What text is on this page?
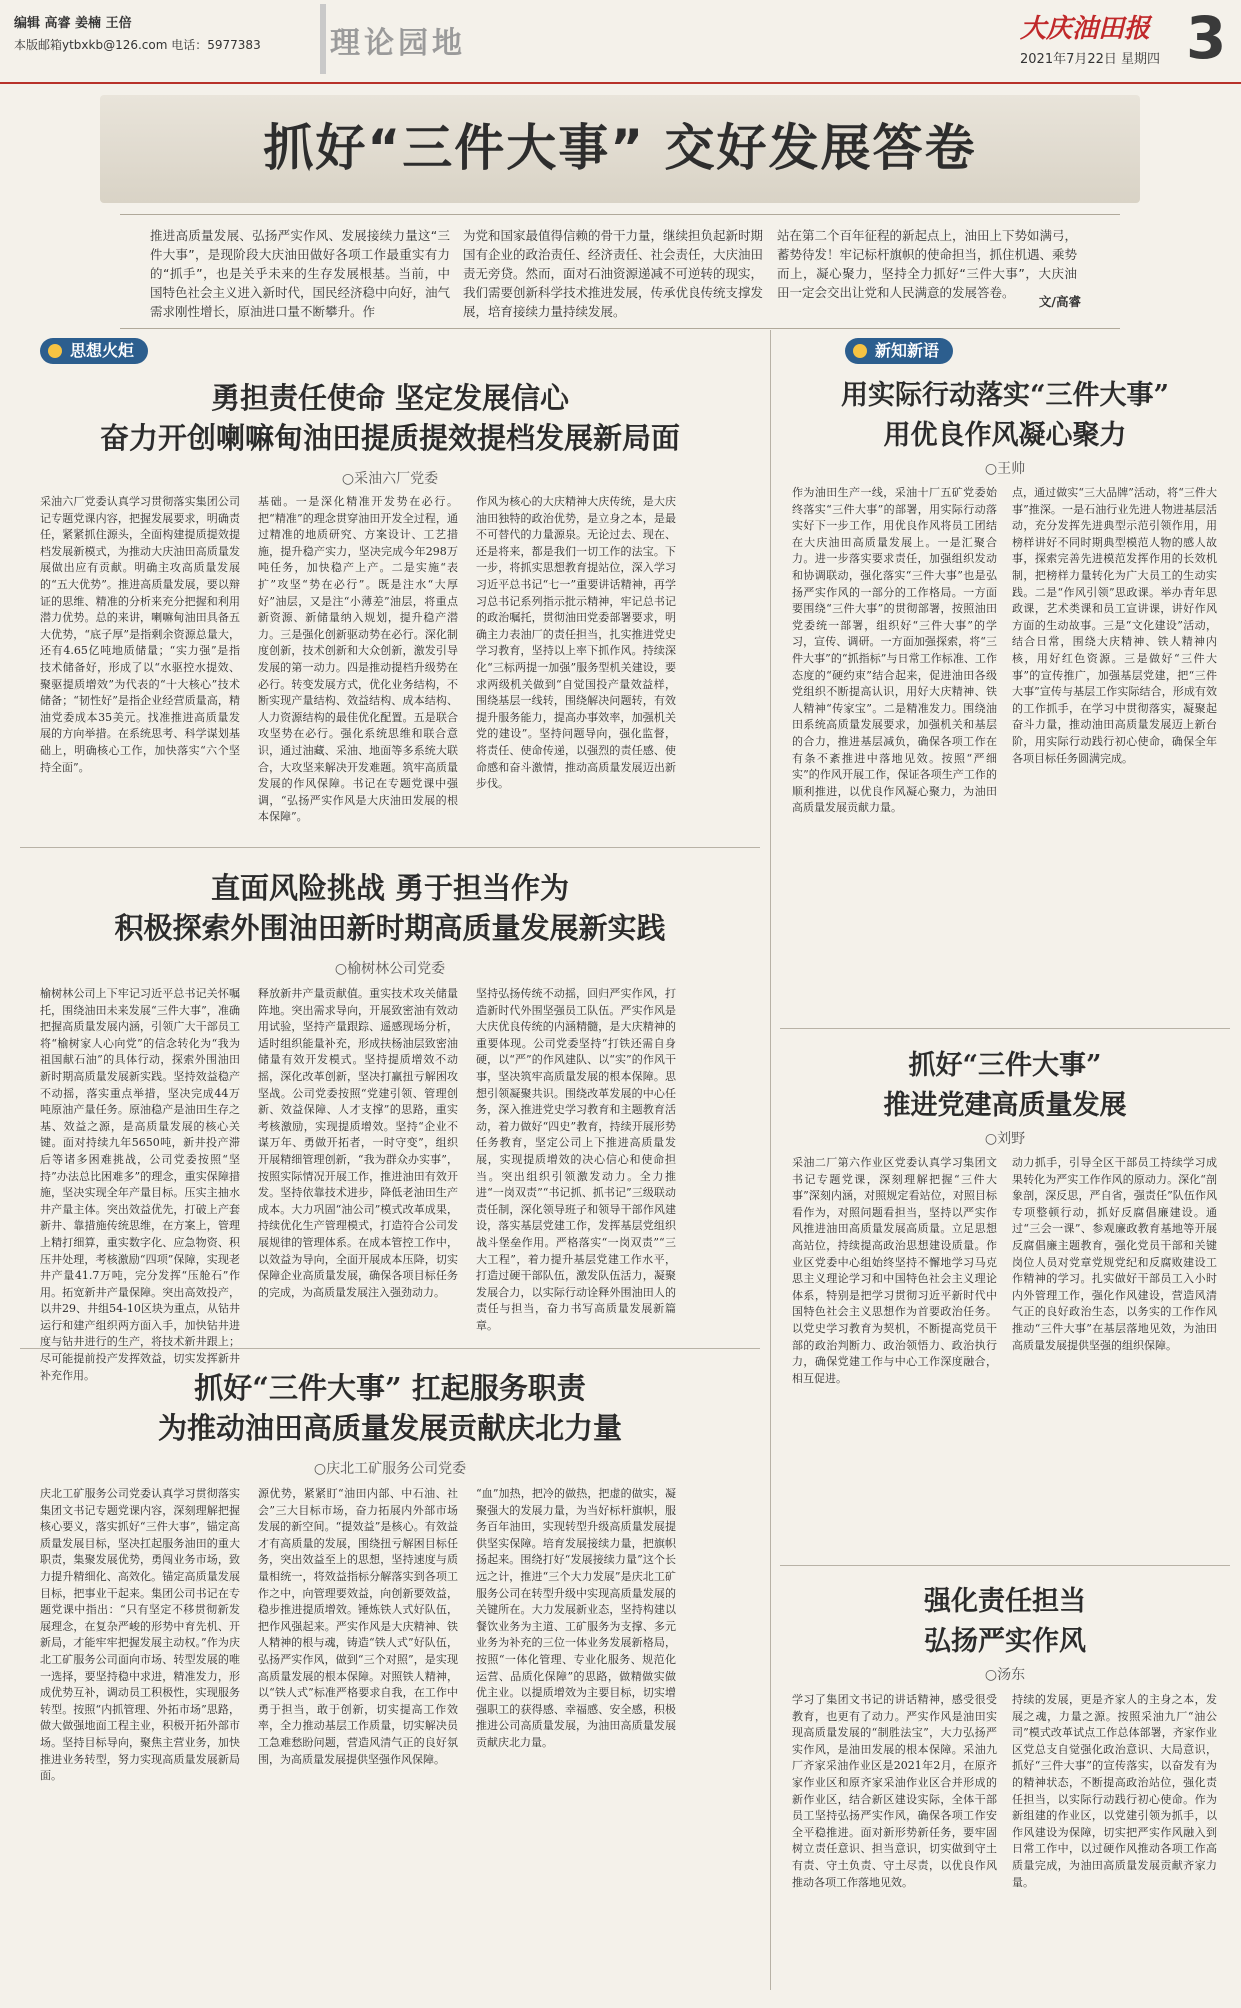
编辑 高睿 姜楠 王倍
本版邮箱ytbxkb@126.com 电话：5977383 理论园地	大庆油田报
2021年7月22日 星期四 3
抓好“三件大事” 交好发展答卷
推进高质量发展、弘扬严实作风、发展接续力量这“三件大事”，是现阶段大庆油田做好各项工作最重实有力的“抓手”，也是关乎未来的生存发展根基。当前，中国特色社会主义进入新时代，国民经济稳中向好，油气需求刚性增长，原油进口量不断攀升。作
为党和国家最值得信赖的骨干力量，继续担负起新时期国有企业的政治责任、经济责任、社会责任，大庆油田责无旁贷。然而，面对石油资源递减不可逆转的现实，我们需要创新科学技术推进发展，传承优良传统支撑发展，培育接续力量持续发展。
站在第二个百年征程的新起点上，油田上下势如满弓，蓄势待发！牢记标杆旗帜的使命担当，抓住机遇、乘势而上，凝心聚力，坚持全力抓好“三件大事”，大庆油田一定会交出让党和人民满意的发展答卷。
文/高睿
思想火炬	新知新语
勇担责任使命 坚定发展信心
奋力开创喇嘛甸油田提质提效提档发展新局面
○采油六厂党委
采油六厂党委认真学习贯彻落实集团公司记专题党课内容，把握发展要求，明确责任，紧紧抓住源头，全面构建提质提效提档发展新模式，为推动大庆油田高质量发展做出应有贡献。明确主攻高质量发展的“五大优势”。推进高质量发展，要以辩证的思维、精准的分析来充分把握和利用潜力优势。总的来讲，喇嘛甸油田具备五大优势，“底子厚”是指剩余资源总量大，还有4.65亿吨地质储量；“实力强”是指技术储备好，形成了以“水驱控水提效、聚驱提质增效”为代表的“十大核心”技术储备；“韧性好”是指企业经营质量高，精油党委成本35美元。找准推进高质量发展的方向举措。在系统思考、科学谋划基础上，明确核心工作，加快落实“六个坚持全面”。
基础。一是深化精准开发势在必行。把“精准”的理念贯穿油田开发全过程，通过精准的地质研究、方案设计、工艺措施，提升稳产实力，坚决完成今年298万吨任务，加快稳产上产。二是实施“表扩”攻坚“势在必行”。既是注水“大厚好”油层，又是注“小薄差”油层，将重点新资源、新储量纳入规划，提升稳产潜力。三是强化创新驱动势在必行。深化制度创新，技术创新和大众创新，激发引导发展的第一动力。四是推动提档升级势在必行。转变发展方式，优化业务结构，不断实现产量结构、效益结构、成本结构、人力资源结构的最佳优化配置。五是联合攻坚势在必行。强化系统思维和联合意识，通过油藏、采油、地面等多系统大联合，大攻坚来解决开发难题。筑牢高质量发展的作风保障。书记在专题党课中强调，“弘扬严实作风是大庆油田发展的根本保障”。
作风为核心的大庆精神大庆传统，是大庆油田独特的政治优势，是立身之本，是最不可替代的力量源泉。无论过去、现在、还是将来，都是我们一切工作的法宝。下一步，将抓实思想教育提站位，深入学习习近平总书记“七一”重要讲话精神，再学习总书记系列指示批示精神，牢记总书记的政治嘱托，贯彻油田党委部署要求，明确主力表油厂的责任担当，扎实推进党史学习教育，坚持以上率下抓作风。持续深化“三标两提一加强”服务型机关建设，要求两级机关做到“自觉国投产量效益样，围绕基层一线转，围绕解决问题转，有效提升服务能力，提高办事效率，加强机关党的建设”。坚持问题导向，强化监督，将责任、使命传递，以强烈的责任感、使命感和奋斗激情，推动高质量发展迈出新步伐。
直面风险挑战 勇于担当作为
积极探索外围油田新时期高质量发展新实践
○榆树林公司党委
榆树林公司上下牢记习近平总书记关怀嘱托，围绕油田未来发展“三件大事”，准确把握高质量发展内涵，引领广大干部员工将“榆树家人心向党”的信念转化为“我为祖国献石油”的具体行动，探索外围油田新时期高质量发展新实践。坚持效益稳产不动摇，落实重点举措，坚决完成44万吨原油产量任务。原油稳产是油田生存之基、效益之源，是高质量发展的核心关键。面对持续九年5650吨，新井投产滞后等诸多困难挑战，公司党委按照“坚持”办法总比困难多”的理念，重实保障措施，坚决实现全年产量目标。压实主抽水井产量主体。突出效益优先，打破上产套新井、靠措施传统思维，在方案上，管理上精打细算，重实数字化、应急物资、积压井处理，考核激励“四项”保障，实现老井产量41.7万吨，完分发挥“压舱石”作用。拓宽新井产量保障。突出高效投产，以井29、井组54-10区块为重点，从钻井运行和建产组织两方面入手，加快钻井进度与钻井进行的生产，将技术新井跟上；尽可能提前投产发挥效益，切实发挥新井补充作用。
释放新井产量贡献值。重实技术攻关储量阵地。突出需求导向，开展致密油有效动用试验，坚持产量跟踪、遥感现场分析，适时组织能量补充，形成扶杨油层致密油储量有效开发模式。坚持提质增效不动摇，深化改革创新，坚决打赢扭亏解困攻坚战。公司党委按照“党建引领、管理创新、效益保障、人才支撑”的思路，重实考核激励，实现提质增效。坚持“企业不谋万年、勇做开拓者，一时守变”，组织开展精细管理创新，“我为群众办实事”，按照实际情况开展工作，推进油田有效开发。坚持依靠技术进步，降低老油田生产成本。大力巩固“油公司”模式改革成果，持续优化生产管理模式，打造符合公司发展规律的管理体系。在成本管控工作中，以效益为导向，全面开展成本压降，切实保障企业高质量发展，确保各项目标任务的完成，为高质量发展注入强劲动力。
坚持弘扬传统不动摇，回归严实作风，打造新时代外围坚强员工队伍。严实作风是大庆优良传统的内涵精髓，是大庆精神的重要体现。公司党委坚持“打铁还需自身硬，以“严”的作风建队、以“实”的作风干事，坚决筑牢高质量发展的根本保障。思想引领凝聚共识。围绕改革发展的中心任务，深入推进党史学习教育和主题教育活动，着力做好“四史”教育，持续开展形势任务教育，坚定公司上下推进高质量发展，实现提质增效的决心信心和使命担当。突出组织引领激发动力。全力推进“一岗双责”“书记抓、抓书记”三级联动责任制，深化领导班子和领导干部作风建设，落实基层党建工作，发挥基层党组织战斗堡垒作用。严格落实“一岗双责”“三大工程”，着力提升基层党建工作水平，打造过硬干部队伍，激发队伍活力，凝聚发展合力，以实际行动诠释外围油田人的责任与担当，奋力书写高质量发展新篇章。
抓好“三件大事” 扛起服务职责
为推动油田高质量发展贡献庆北力量
○庆北工矿服务公司党委
庆北工矿服务公司党委认真学习贯彻落实集团文书记专题党课内容，深刻理解把握核心要义，落实抓好“三件大事”，锚定高质量发展目标，坚决扛起服务油田的重大职责，集聚发展优势，勇闯业务市场，致力提升精细化、高效化。锚定高质量发展目标，把事业干起来。集团公司书记在专题党课中指出：“只有坚定不移贯彻新发展理念，在复杂严峻的形势中育先机、开新局，才能牢牢把握发展主动权。”作为庆北工矿服务公司面向市场、转型发展的唯一选择，要坚持稳中求进，精准发力，形成优势互补，调动员工积极性，实现服务转型。按照“内抓管理、外拓市场”思路，做大做强地面工程主业，积极开拓外部市场。坚持目标导向，聚焦主营业务，加快推进业务转型，努力实现高质量发展新局面。
源优势，紧紧盯“油田内部、中石油、社会”三大目标市场，奋力拓展内外部市场发展的新空间。“提效益”是核心。有效益才有高质量的发展，围绕扭亏解困目标任务，突出效益至上的思想，坚持速度与质量相统一，将效益指标分解落实到各项工作之中，向管理要效益，向创新要效益，稳步推进提质增效。锤炼铁人式好队伍，把作风强起来。严实作风是大庆精神、铁人精神的根与魂，铸造“铁人式”好队伍，弘扬严实作风，做到“三个对照”，是实现高质量发展的根本保障。对照铁人精神，以“铁人式”标准严格要求自我，在工作中勇于担当，敢于创新，切实提高工作效率，全力推动基层工作质量，切实解决员工急难愁盼问题，营造风清气正的良好氛围，为高质量发展提供坚强作风保障。
“血”加热，把冷的做热，把虚的做实，凝聚强大的发展力量，为当好标杆旗帜，服务百年油田，实现转型升级高质量发展提供坚实保障。培育发展接续力量，把旗帜扬起来。围绕打好“发展接续力量”这个长远之计，推进“三个大力发展”是庆北工矿服务公司在转型升级中实现高质量发展的关键所在。大力发展新业态，坚持构建以餐饮业务为主道、工矿服务为支撑、多元业务为补充的三位一体业务发展新格局，按照“一体化管理、专业化服务、规范化运营、品质化保障”的思路，做精做实做优主业。以提质增效为主要目标，切实增强职工的获得感、幸福感、安全感，积极推进公司高质量发展，为油田高质量发展贡献庆北力量。
用实际行动落实“三件大事”
用优良作风凝心聚力
○王帅
作为油田生产一线，采油十厂五矿党委始终落实“三件大事”的部署，用实际行动落实好下一步工作，用优良作风将员工团结在大庆油田高质量发展上。一是汇聚合力。进一步落实要求责任，加强组织发动和协调联动，强化落实“三件大事”也是弘扬严实作风的一部分的工作格局。一方面要围绕“三件大事”的贯彻部署，按照油田党委统一部署，组织好“三件大事”的学习，宣传、调研。一方面加强探索，将“三件大事”的“抓指标”与日常工作标准、工作态度的“硬约束”结合起来，促进油田各级党组织不断提高认识，用好大庆精神、铁人精神“传家宝”。二是精准发力。围绕油田系统高质量发展要求，加强机关和基层的合力，推进基层减负，确保各项工作在有条不紊推进中落地见效。按照“严细实”的作风开展工作，保证各项生产工作的顺利推进，以优良作风凝心聚力，为油田高质量发展贡献力量。
点，通过做实“三大品牌”活动，将“三件大事”推深。一是石油行业先进人物进基层活动，充分发挥先进典型示范引领作用，用榜样讲好不同时期典型模范人物的感人故事，探索完善先进模范发挥作用的长效机制，把榜样力量转化为广大员工的生动实践。二是“作风引领”思政课。举办青年思政课，艺术类课和员工宣讲课，讲好作风方面的生动故事。三是“文化建设”活动，结合日常，围绕大庆精神、铁人精神内核，用好红色资源。三是做好“三件大事”的宣传推广，加强基层党建，把“三件大事”宣传与基层工作实际结合，形成有效的工作抓手，在学习中贯彻落实，凝聚起奋斗力量，推动油田高质量发展迈上新台阶，用实际行动践行初心使命，确保全年各项目标任务圆满完成。
抓好“三件大事”
推进党建高质量发展
○刘野
采油二厂第六作业区党委认真学习集团文书记专题党课，深刻理解把握“三件大事”深刻内涵，对照规定看站位，对照目标看作为，对照问题看担当，坚持以严实作风推进油田高质量发展高质量。立足思想高站位，持续提高政治思想建设质量。作业区党委中心组始终坚持不懈地学习马克思主义理论学习和中国特色社会主义理论体系，特别是把学习贯彻习近平新时代中国特色社会主义思想作为首要政治任务。以党史学习教育为契机，不断提高党员干部的政治判断力、政治领悟力、政治执行力，确保党建工作与中心工作深度融合，相互促进。
动力抓手，引导全区干部员工持续学习成果转化为严实工作作风的原动力。深化“剖象剖，深反思，严自省，强责任”队伍作风专项整顿行动，抓好反腐倡廉建设。通过“三会一课”、参观廉政教育基地等开展反腐倡廉主题教育，强化党员干部和关键岗位人员对党章党规党纪和反腐败建设工作精神的学习。扎实做好干部员工入小时内外管理工作，强化作风建设，营造风清气正的良好政治生态，以务实的工作作风推动“三件大事”在基层落地见效，为油田高质量发展提供坚强的组织保障。
强化责任担当
弘扬严实作风
○汤东
学习了集团文书记的讲话精神，感受很受教育，也更有了动力。严实作风是油田实现高质量发展的“制胜法宝”，大力弘扬严实作风，是油田发展的根本保障。采油九厂齐家采油作业区是2021年2月，在原齐家作业区和原齐家采油作业区合并形成的新作业区，结合新区建设实际，全体干部员工坚持弘扬严实作风，确保各项工作安全平稳推进。面对新形势新任务，要牢固树立责任意识、担当意识，切实做到守土有责、守土负责、守土尽责，以优良作风推动各项工作落地见效。
持续的发展，更是齐家人的主身之本，发展之魂，力量之源。按照采油九厂“油公司”模式改革试点工作总体部署，齐家作业区党总支自觉强化政治意识、大局意识，抓好“三件大事”的宣传落实，以奋发有为的精神状态，不断提高政治站位，强化责任担当，以实际行动践行初心使命。作为新组建的作业区，以党建引领为抓手，以作风建设为保障，切实把严实作风融入到日常工作中，以过硬作风推动各项工作高质量完成，为油田高质量发展贡献齐家力量。
